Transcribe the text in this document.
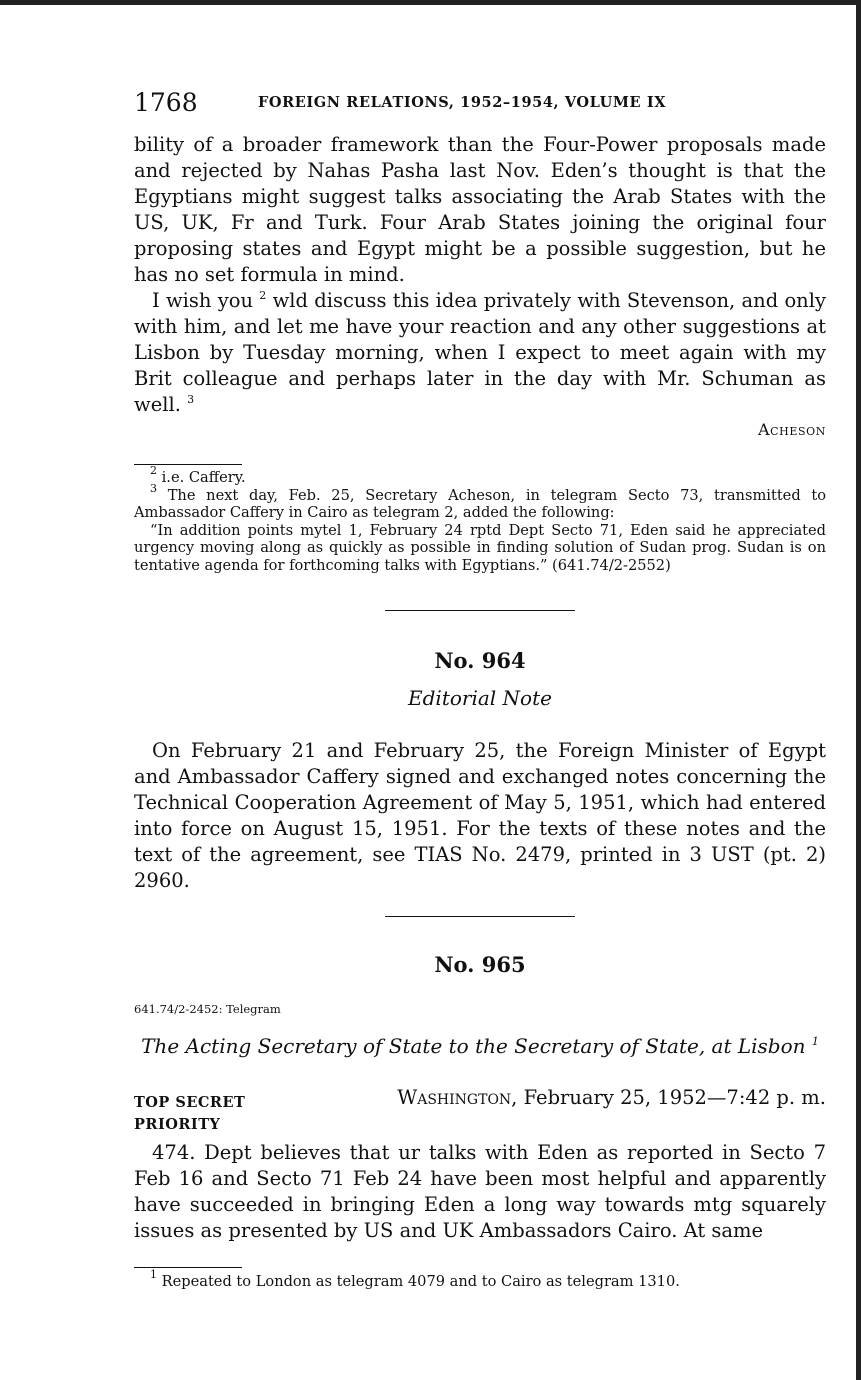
1768	FOREIGN RELATIONS, 1952–1954, VOLUME IX

bility of a broader framework than the Four-Power proposals made and rejected by Nahas Pasha last Nov. Eden’s thought is that the Egyptians might suggest talks associating the Arab States with the US, UK, Fr and Turk. Four Arab States joining the original four proposing states and Egypt might be a possible suggestion, but he has no set formula in mind.

I wish you $^2$ wld discuss this idea privately with Stevenson, and only with him, and let me have your reaction and any other suggestions at Lisbon by Tuesday morning, when I expect to meet again with my Brit colleague and perhaps later in the day with Mr. Schuman as well. $^3$

Acheson

$^2$ i.e. Caffery.

$^3$ The next day, Feb. 25, Secretary Acheson, in telegram Secto 73, transmitted to Ambassador Caffery in Cairo as telegram 2, added the following:

“In addition points mytel 1, February 24 rptd Dept Secto 71, Eden said he appreciated urgency moving along as quickly as possible in finding solution of Sudan prog. Sudan is on tentative agenda for forthcoming talks with Egyptians.” (641.74/2-2552)

No. 964
Editorial Note

On February 21 and February 25, the Foreign Minister of Egypt and Ambassador Caffery signed and exchanged notes concerning the Technical Cooperation Agreement of May 5, 1951, which had entered into force on August 15, 1951. For the texts of these notes and the text of the agreement, see TIAS No. 2479, printed in 3 UST (pt. 2) 2960.

No. 965
641.74/2-2452: Telegram
The Acting Secretary of State to the Secretary of State, at Lisbon $^1$
TOP SECRET
PRIORITY
Washington, February 25, 1952—7:42 p. m.

474. Dept believes that ur talks with Eden as reported in Secto 7 Feb 16 and Secto 71 Feb 24 have been most helpful and apparently have succeeded in bringing Eden a long way towards mtg squarely issues as presented by US and UK Ambassadors Cairo. At same

$^1$ Repeated to London as telegram 4079 and to Cairo as telegram 1310.
